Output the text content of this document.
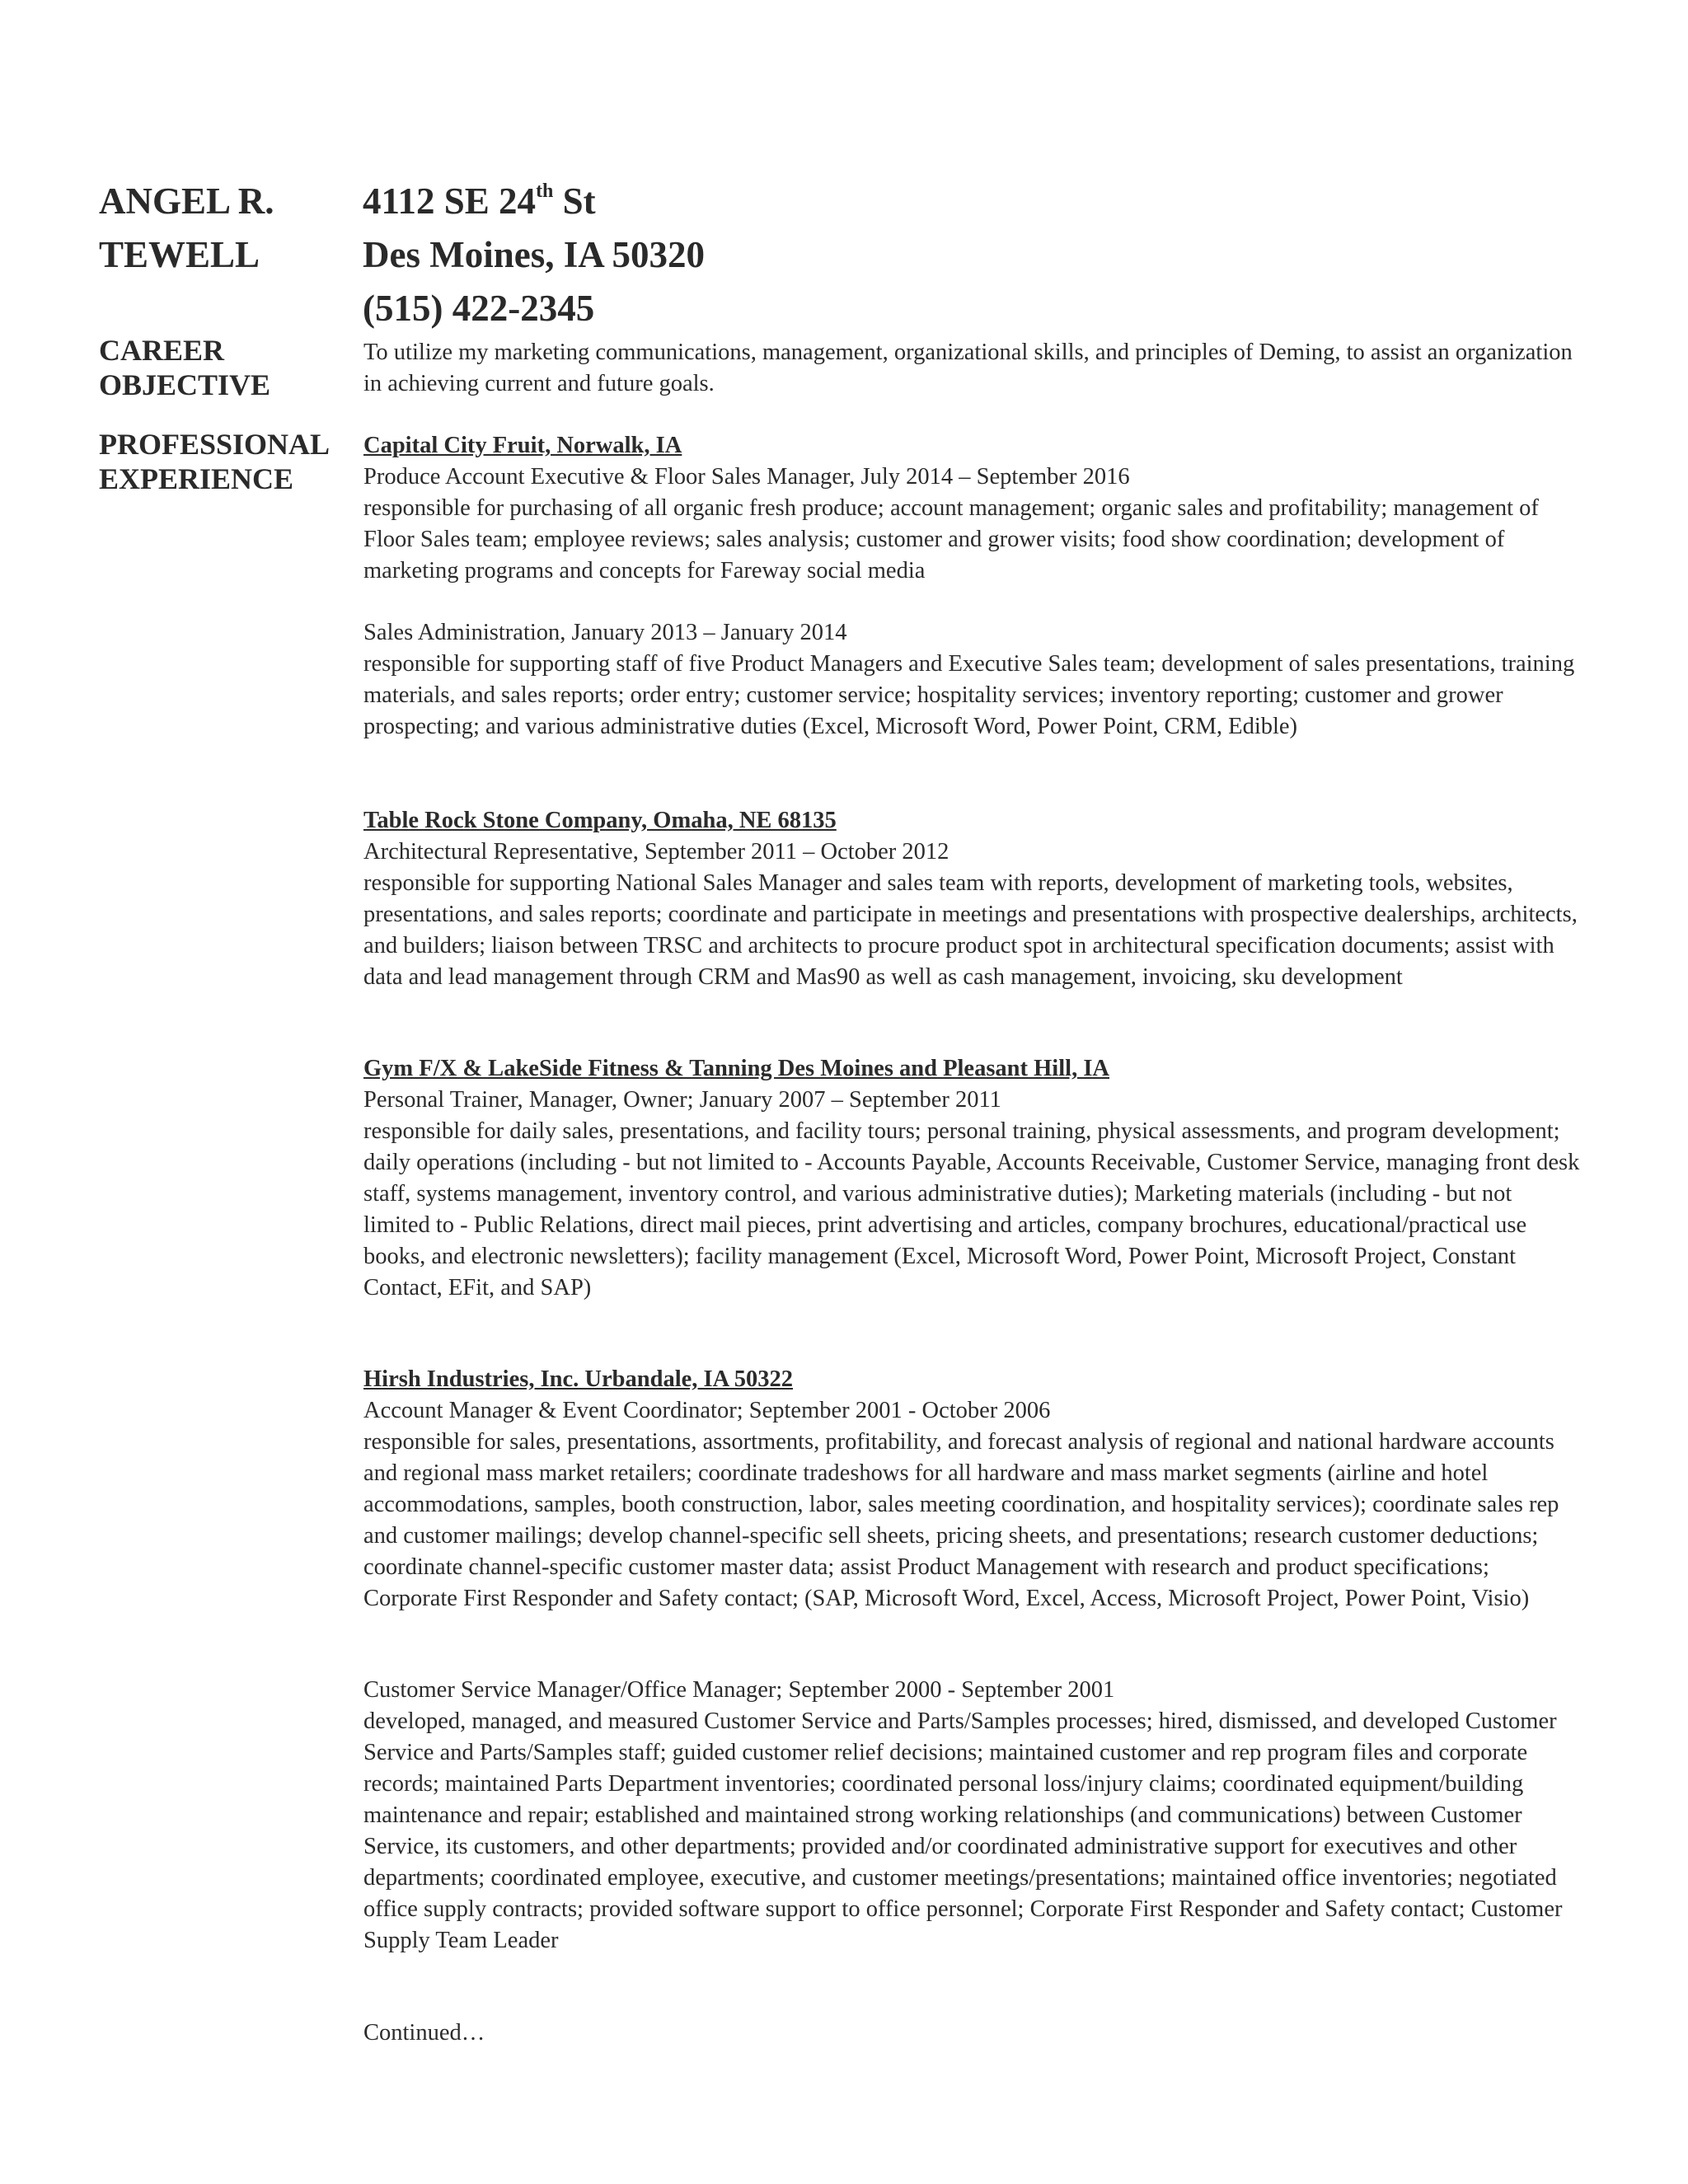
ANGEL R.
TEWELL
4112 SE 24th St
Des Moines, IA 50320
(515) 422-2345
CAREER
OBJECTIVE

To utilize my marketing communications, management, organizational skills, and principles of Deming, to assist an organization in achieving current and future goals.

PROFESSIONAL
EXPERIENCE

Capital City Fruit, Norwalk, IA

Produce Account Executive & Floor Sales Manager, July 2014 – September 2016

responsible for purchasing of all organic fresh produce; account management; organic sales and profitability; management of Floor Sales team; employee reviews; sales analysis; customer and grower visits; food show coordination; development of marketing programs and concepts for Fareway social media

Sales Administration, January 2013 – January 2014

responsible for supporting staff of five Product Managers and Executive Sales team; development of sales presentations, training materials, and sales reports; order entry; customer service; hospitality services; inventory reporting; customer and grower prospecting; and various administrative duties (Excel, Microsoft Word, Power Point, CRM, Edible)

Table Rock Stone Company, Omaha, NE 68135

Architectural Representative, September 2011 – October 2012

responsible for supporting National Sales Manager and sales team with reports, development of marketing tools, websites, presentations, and sales reports; coordinate and participate in meetings and presentations with prospective dealerships, architects, and builders; liaison between TRSC and architects to procure product spot in architectural specification documents; assist with data and lead management through CRM and Mas90 as well as cash management, invoicing, sku development

Gym F/X & LakeSide Fitness & Tanning Des Moines and Pleasant Hill, IA

Personal Trainer, Manager, Owner; January 2007 – September 2011

responsible for daily sales, presentations, and facility tours; personal training, physical assessments, and program development; daily operations (including - but not limited to - Accounts Payable, Accounts Receivable, Customer Service, managing front desk staff, systems management, inventory control, and various administrative duties); Marketing materials (including - but not limited to - Public Relations, direct mail pieces, print advertising and articles, company brochures, educational/practical use books, and electronic newsletters); facility management (Excel, Microsoft Word, Power Point, Microsoft Project, Constant Contact, EFit, and SAP)

Hirsh Industries, Inc. Urbandale, IA 50322

Account Manager & Event Coordinator; September 2001 - October 2006

responsible for sales, presentations, assortments, profitability, and forecast analysis of regional and national hardware accounts and regional mass market retailers; coordinate tradeshows for all hardware and mass market segments (airline and hotel accommodations, samples, booth construction, labor, sales meeting coordination, and hospitality services); coordinate sales rep and customer mailings; develop channel-specific sell sheets, pricing sheets, and presentations; research customer deductions; coordinate channel-specific customer master data; assist Product Management with research and product specifications; Corporate First Responder and Safety contact; (SAP, Microsoft Word, Excel, Access, Microsoft Project, Power Point, Visio)

Customer Service Manager/Office Manager; September 2000 - September 2001

developed, managed, and measured Customer Service and Parts/Samples processes; hired, dismissed, and developed Customer Service and Parts/Samples staff; guided customer relief decisions; maintained customer and rep program files and corporate records; maintained Parts Department inventories; coordinated personal loss/injury claims; coordinated equipment/building maintenance and repair; established and maintained strong working relationships (and communications) between Customer Service, its customers, and other departments; provided and/or coordinated administrative support for executives and other departments; coordinated employee, executive, and customer meetings/presentations; maintained office inventories; negotiated office supply contracts; provided software support to office personnel; Corporate First Responder and Safety contact; Customer Supply Team Leader

Continued…
